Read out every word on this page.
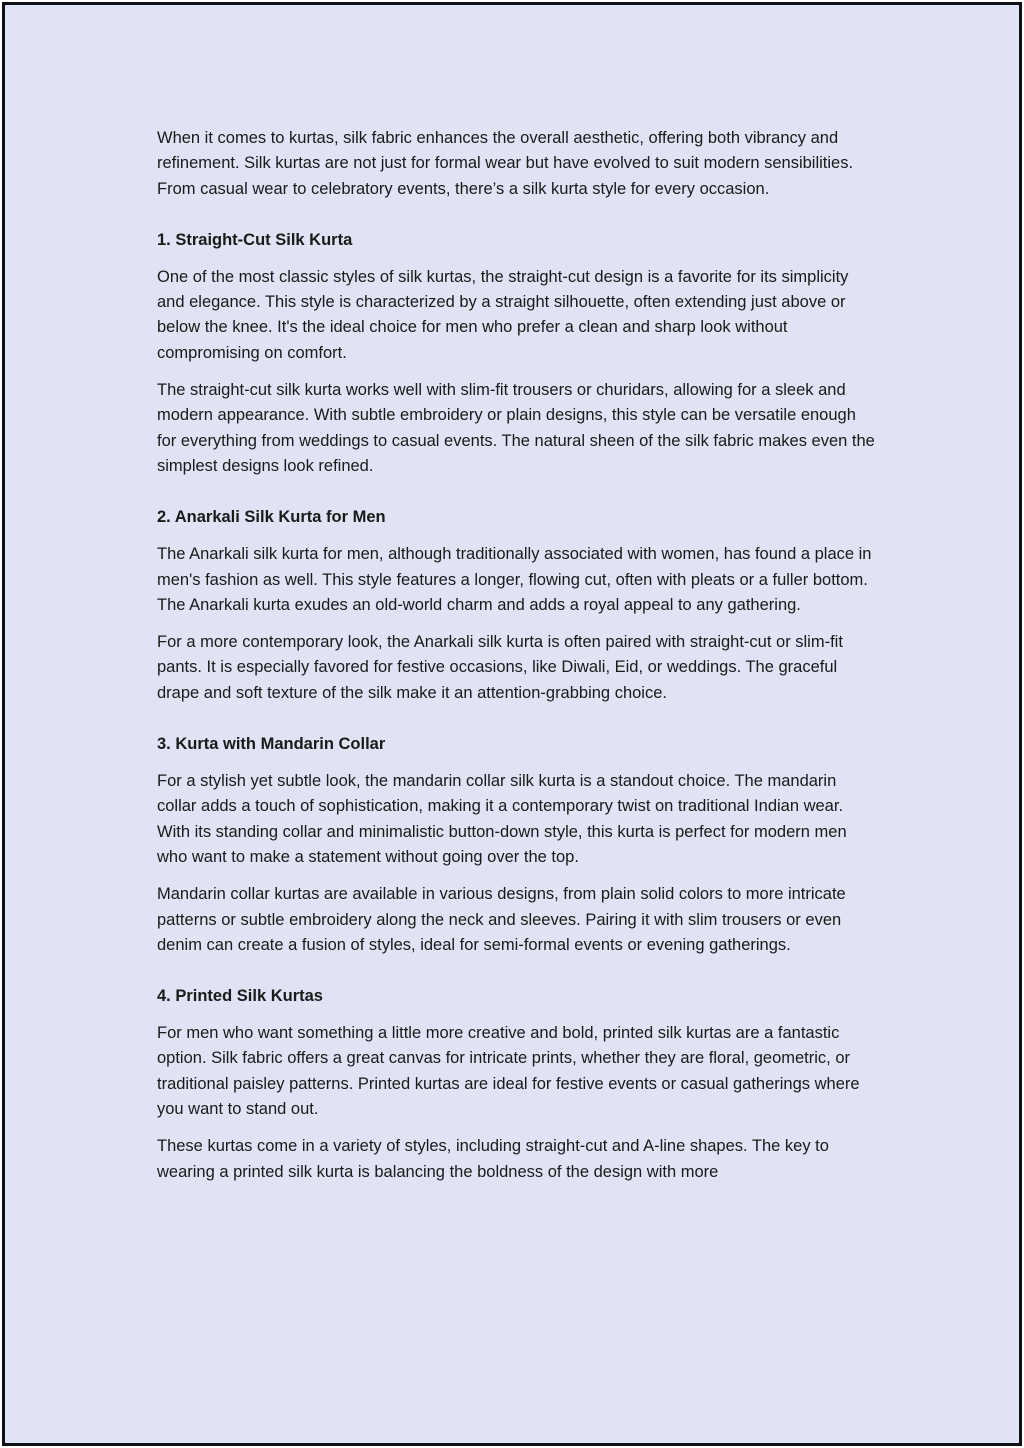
When it comes to kurtas, silk fabric enhances the overall aesthetic, offering both vibrancy and refinement. Silk kurtas are not just for formal wear but have evolved to suit modern sensibilities. From casual wear to celebratory events, there’s a silk kurta style for every occasion.

1. Straight-Cut Silk Kurta

One of the most classic styles of silk kurtas, the straight-cut design is a favorite for its simplicity and elegance. This style is characterized by a straight silhouette, often extending just above or below the knee. It's the ideal choice for men who prefer a clean and sharp look without compromising on comfort.

The straight-cut silk kurta works well with slim-fit trousers or churidars, allowing for a sleek and modern appearance. With subtle embroidery or plain designs, this style can be versatile enough for everything from weddings to casual events. The natural sheen of the silk fabric makes even the simplest designs look refined.

2. Anarkali Silk Kurta for Men

The Anarkali silk kurta for men, although traditionally associated with women, has found a place in men's fashion as well. This style features a longer, flowing cut, often with pleats or a fuller bottom. The Anarkali kurta exudes an old-world charm and adds a royal appeal to any gathering.

For a more contemporary look, the Anarkali silk kurta is often paired with straight-cut or slim-fit pants. It is especially favored for festive occasions, like Diwali, Eid, or weddings. The graceful drape and soft texture of the silk make it an attention-grabbing choice.

3. Kurta with Mandarin Collar

For a stylish yet subtle look, the mandarin collar silk kurta is a standout choice. The mandarin collar adds a touch of sophistication, making it a contemporary twist on traditional Indian wear. With its standing collar and minimalistic button-down style, this kurta is perfect for modern men who want to make a statement without going over the top.

Mandarin collar kurtas are available in various designs, from plain solid colors to more intricate patterns or subtle embroidery along the neck and sleeves. Pairing it with slim trousers or even denim can create a fusion of styles, ideal for semi-formal events or evening gatherings.

4. Printed Silk Kurtas

For men who want something a little more creative and bold, printed silk kurtas are a fantastic option. Silk fabric offers a great canvas for intricate prints, whether they are floral, geometric, or traditional paisley patterns. Printed kurtas are ideal for festive events or casual gatherings where you want to stand out.

These kurtas come in a variety of styles, including straight-cut and A-line shapes. The key to wearing a printed silk kurta is balancing the boldness of the design with more
